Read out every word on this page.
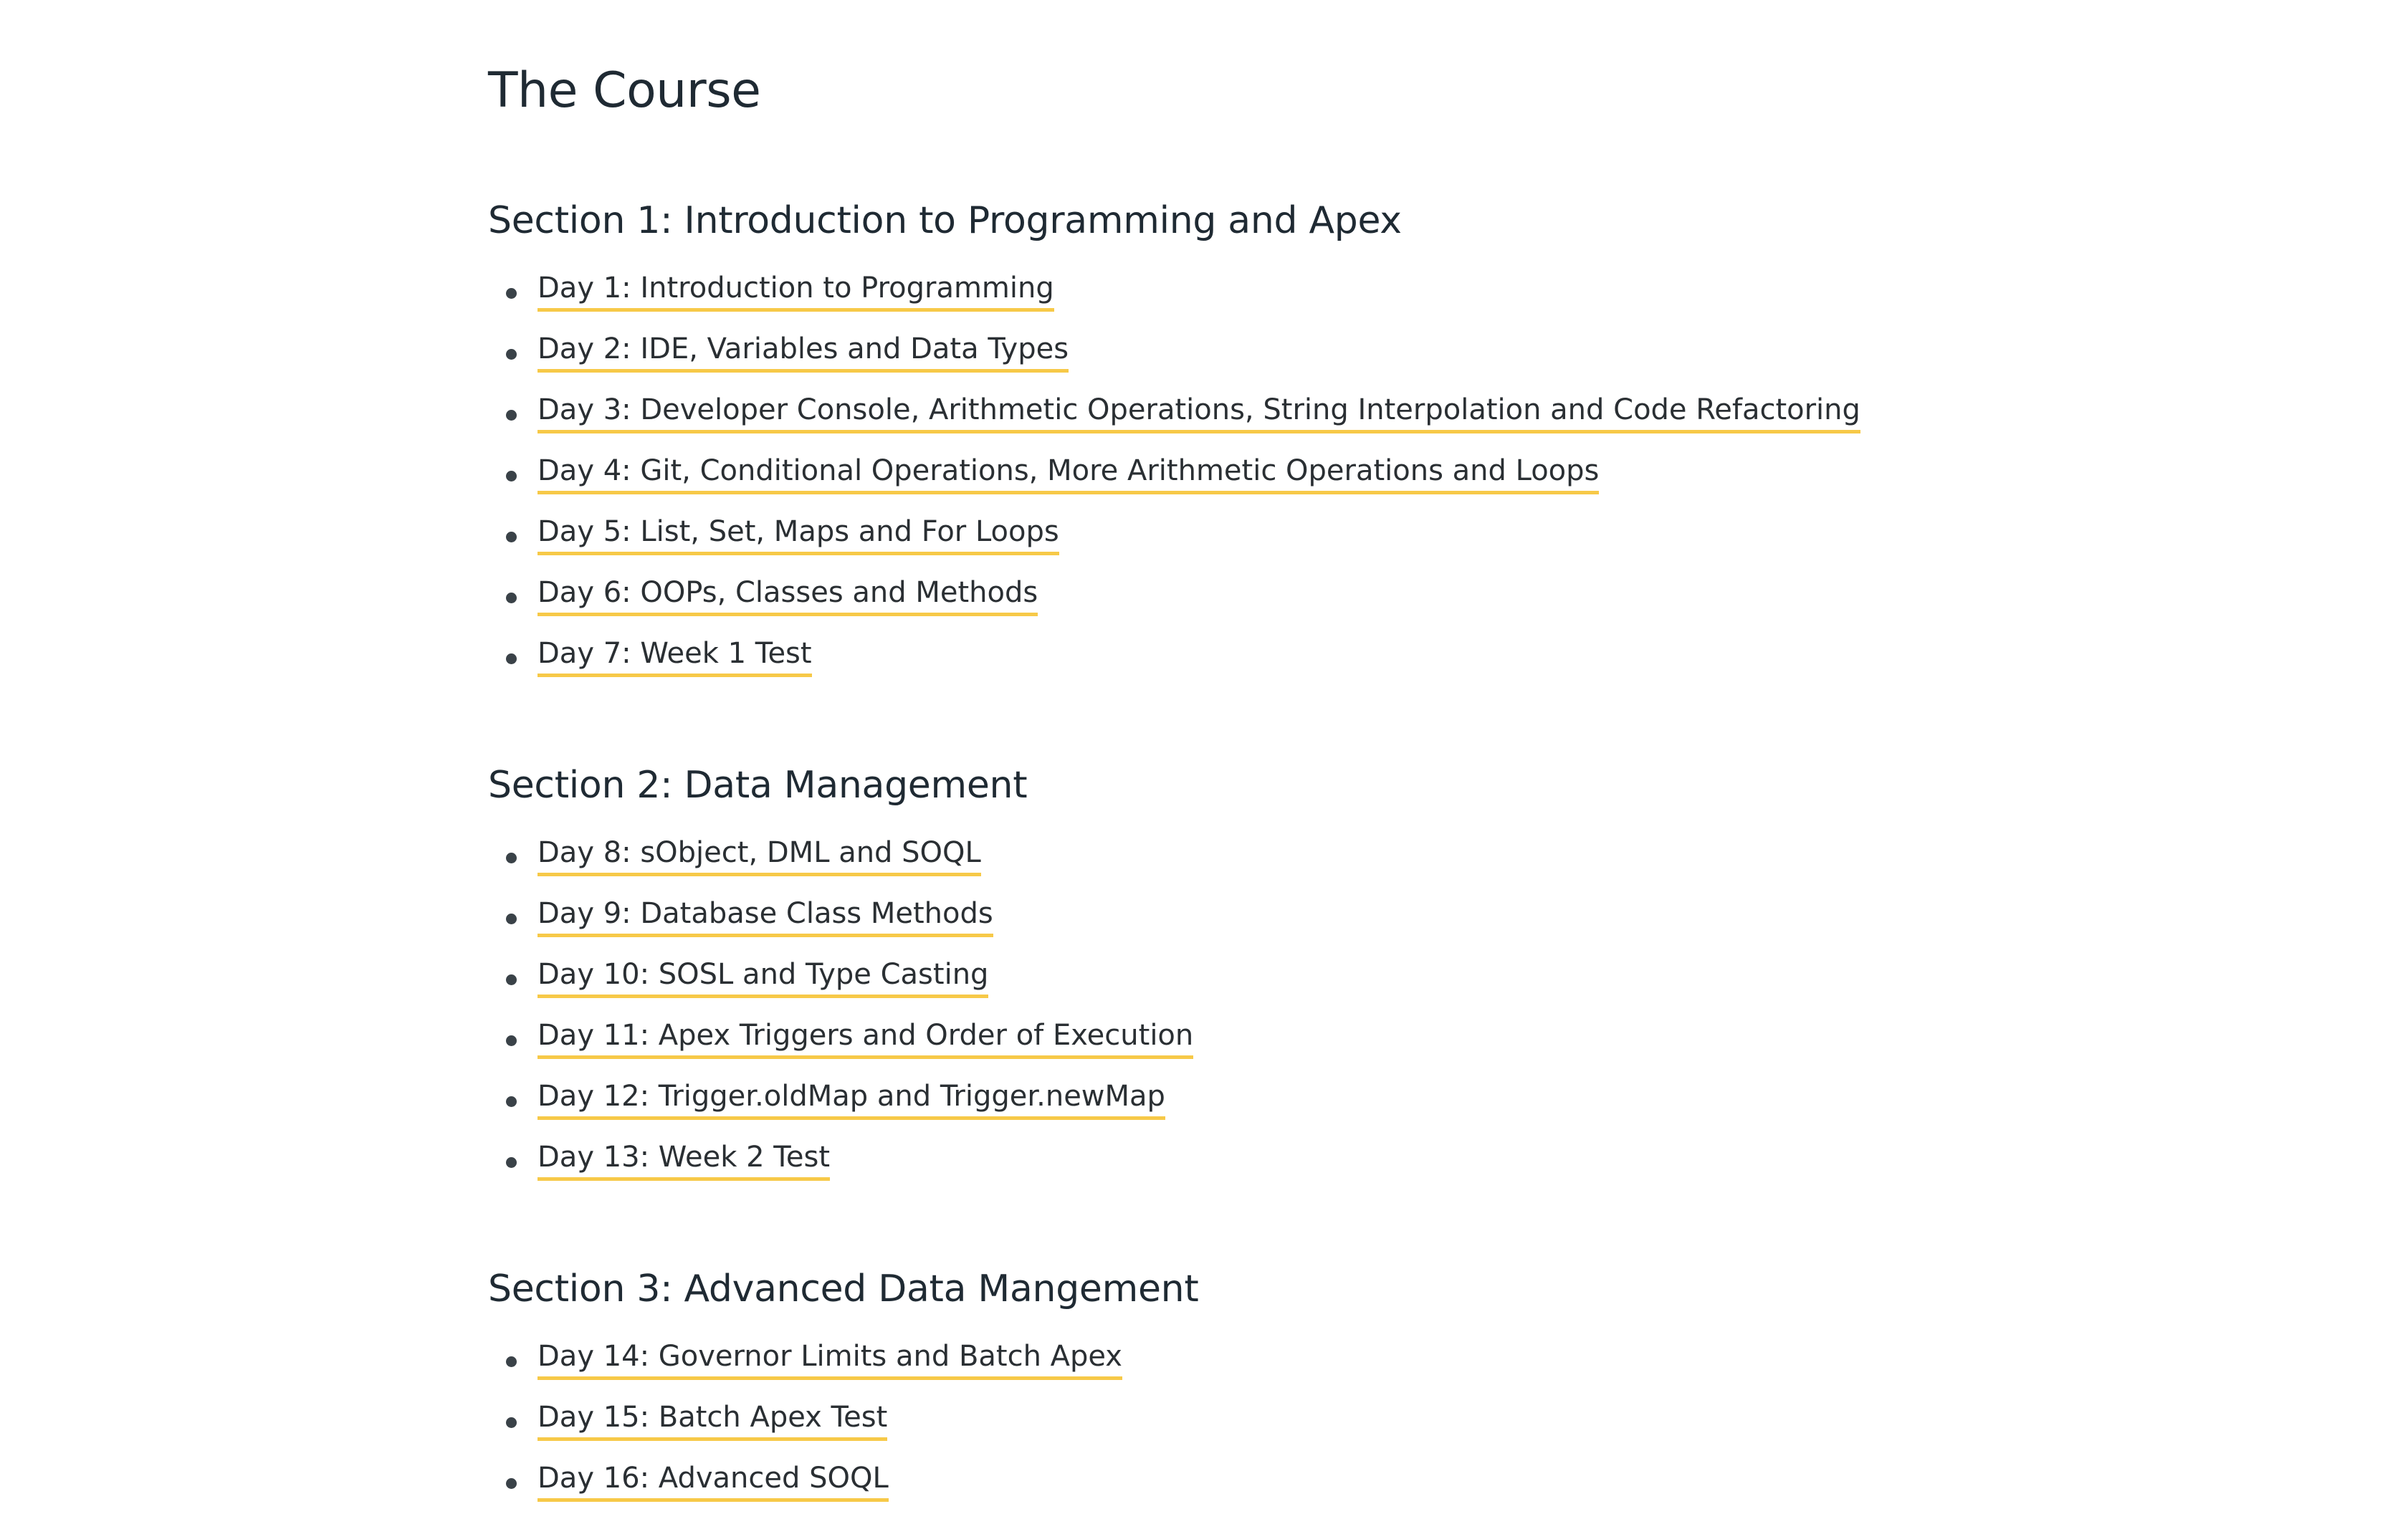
The Course
Section 1: Introduction to Programming and Apex
Day 1: Introduction to Programming
Day 2: IDE, Variables and Data Types
Day 3: Developer Console, Arithmetic Operations, String Interpolation and Code Refactoring
Day 4: Git, Conditional Operations, More Arithmetic Operations and Loops
Day 5: List, Set, Maps and For Loops
Day 6: OOPs, Classes and Methods
Day 7: Week 1 Test
Section 2: Data Management
Day 8: sObject, DML and SOQL
Day 9: Database Class Methods
Day 10: SOSL and Type Casting
Day 11: Apex Triggers and Order of Execution
Day 12: Trigger.oldMap and Trigger.newMap
Day 13: Week 2 Test
Section 3: Advanced Data Mangement
Day 14: Governor Limits and Batch Apex
Day 15: Batch Apex Test
Day 16: Advanced SOQL
